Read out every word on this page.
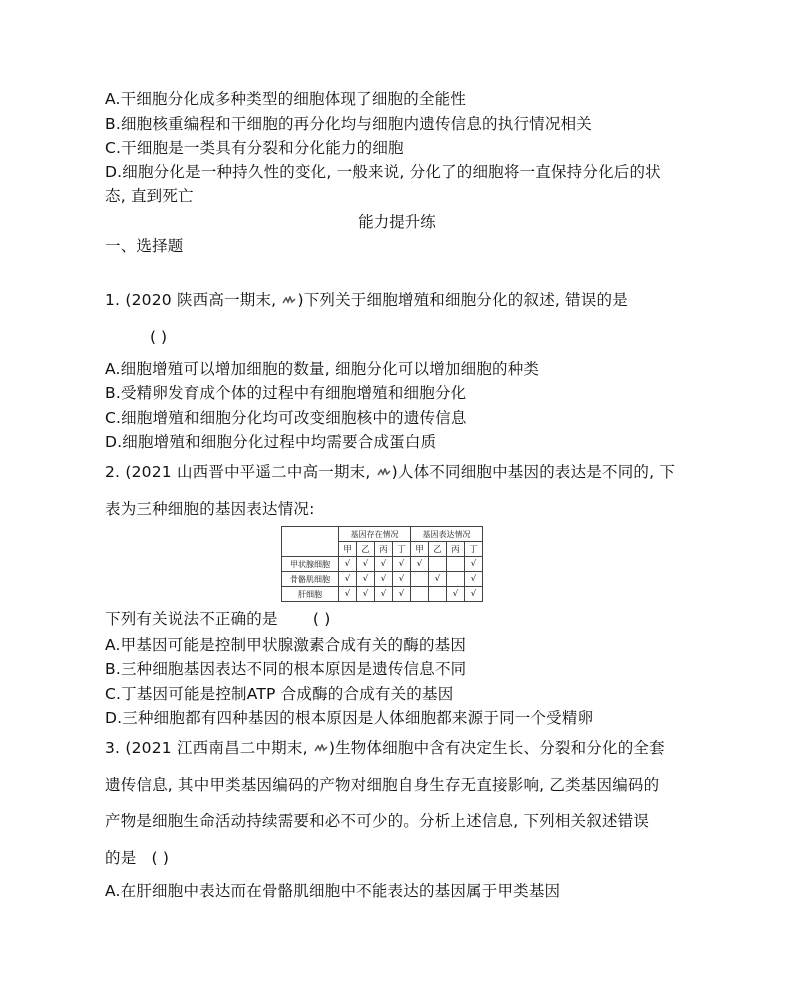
A.干细胞分化成多种类型的细胞体现了细胞的全能性
B.细胞核重编程和干细胞的再分化均与细胞内遗传信息的执行情况相关
C.干细胞是一类具有分裂和分化能力的细胞
D.细胞分化是一种持久性的变化, 一般来说, 分化了的细胞将一直保持分化后的状
态, 直到死亡
能力提升练
一、选择题
1. (2020 陕西高一期末, )下列关于细胞增殖和细胞分化的叙述, 错误的是
( )
A.细胞增殖可以增加细胞的数量, 细胞分化可以增加细胞的种类
B.受精卵发育成个体的过程中有细胞增殖和细胞分化
C.细胞增殖和细胞分化均可改变细胞核中的遗传信息
D.细胞增殖和细胞分化过程中均需要合成蛋白质
2. (2021 山西晋中平遥二中高一期末, )人体不同细胞中基因的表达是不同的, 下
表为三种细胞的基因表达情况:
	基因存在情况				基因表达情况			
	甲	乙	丙	丁	甲	乙	丙	丁
甲状腺细胞	√	√	√	√	√			√
骨骼肌细胞	√	√	√	√		√		√
肝细胞	√	√	√	√			√	√
下列有关说法不正确的是 ( )
A.甲基因可能是控制甲状腺激素合成有关的酶的基因
B.三种细胞基因表达不同的根本原因是遗传信息不同
C.丁基因可能是控制ATP 合成酶的合成有关的基因
D.三种细胞都有四种基因的根本原因是人体细胞都来源于同一个受精卵
3. (2021 江西南昌二中期末, )生物体细胞中含有决定生长、分裂和分化的全套
遗传信息, 其中甲类基因编码的产物对细胞自身生存无直接影响, 乙类基因编码的
产物是细胞生命活动持续需要和必不可少的。分析上述信息, 下列相关叙述错误
的是 ( )
A.在肝细胞中表达而在骨骼肌细胞中不能表达的基因属于甲类基因
